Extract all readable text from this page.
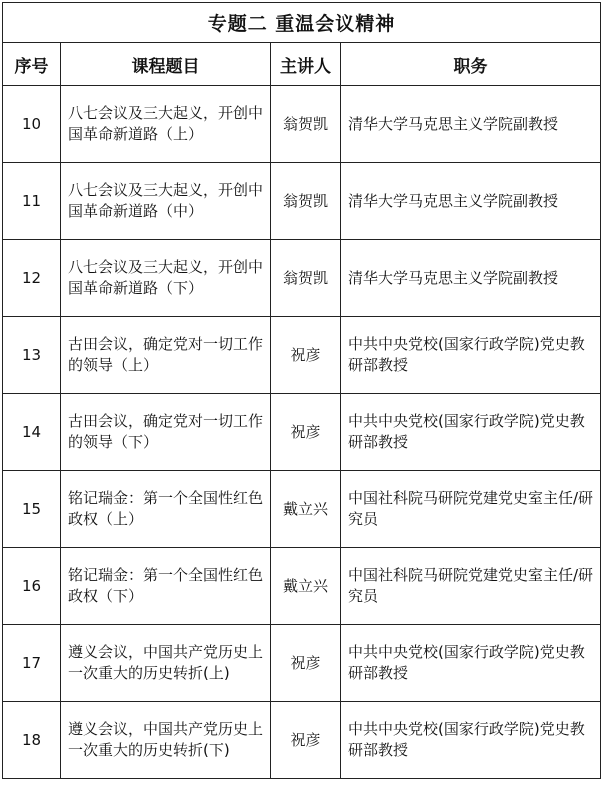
专题二 重温会议精神			
序号	课程题目	主讲人	职务
10	八七会议及三大起义，开创中国革命新道路（上）	翁贺凯	清华大学马克思主义学院副教授
11	八七会议及三大起义，开创中国革命新道路（中）	翁贺凯	清华大学马克思主义学院副教授
12	八七会议及三大起义，开创中国革命新道路（下）	翁贺凯	清华大学马克思主义学院副教授
13	古田会议，确定党对一切工作的领导（上）	祝彦	中共中央党校(国家行政学院)党史教研部教授
14	古田会议，确定党对一切工作的领导（下）	祝彦	中共中央党校(国家行政学院)党史教研部教授
15	铭记瑞金：第一个全国性红色政权（上）	戴立兴	中国社科院马研院党建党史室主任/研究员
16	铭记瑞金：第一个全国性红色政权（下）	戴立兴	中国社科院马研院党建党史室主任/研究员
17	遵义会议，中国共产党历史上一次重大的历史转折(上)	祝彦	中共中央党校(国家行政学院)党史教研部教授
18	遵义会议，中国共产党历史上一次重大的历史转折(下)	祝彦	中共中央党校(国家行政学院)党史教研部教授
